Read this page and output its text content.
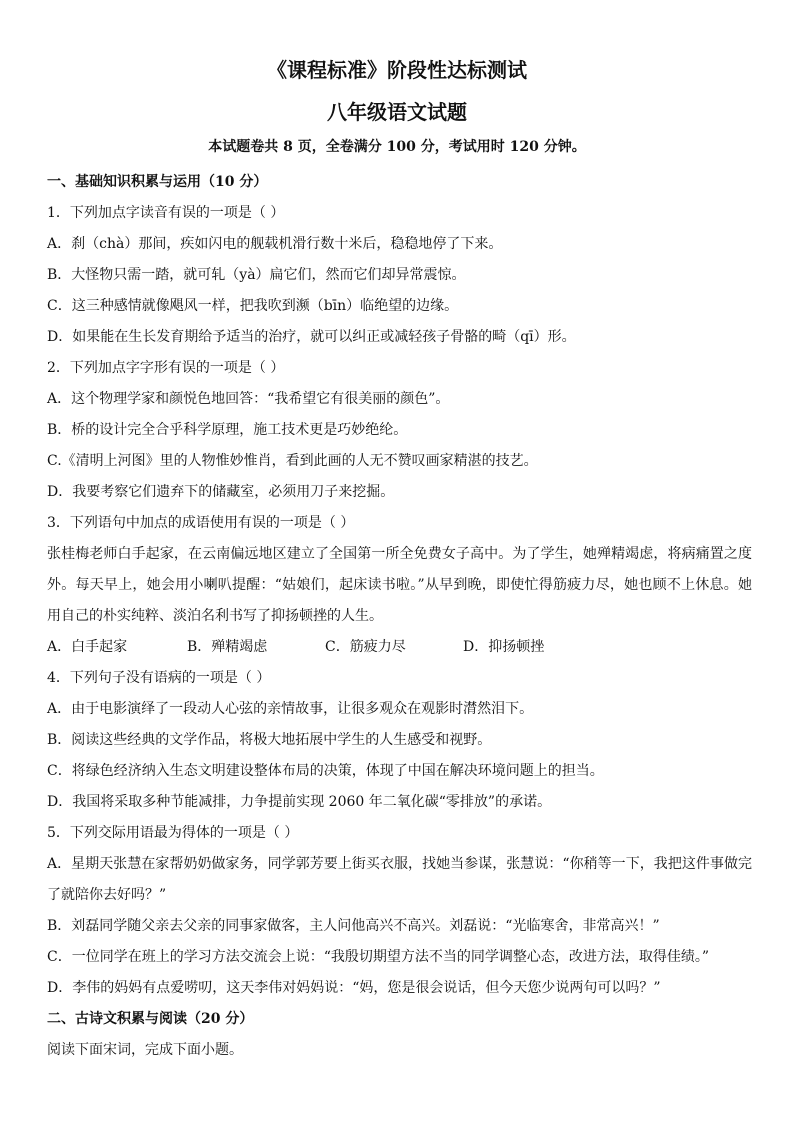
《课程标准》阶段性达标测试
八年级语文试题
本试题卷共 8 页，全卷满分 100 分，考试用时 120 分钟。
一、基础知识积累与运用（10 分）
1．下列加点字读音有误的一项是（ ）
A．刹（chà）那间，疾如闪电的舰载机滑行数十米后，稳稳地停了下来。
B．大怪物只需一踏，就可轧（yà）扁它们，然而它们却异常震惊。
C．这三种感情就像飓风一样，把我吹到濒（bīn）临绝望的边缘。
D．如果能在生长发育期给予适当的治疗，就可以纠正或减轻孩子骨骼的畸（qī）形。
2．下列加点字字形有误的一项是（ ）
A．这个物理学家和颜悦色地回答：“我希望它有很美丽的颜色”。
B．桥的设计完全合乎科学原理，施工技术更是巧妙绝纶。
C.《清明上河图》里的人物惟妙惟肖，看到此画的人无不赞叹画家精湛的技艺。
D．我要考察它们遗弃下的储藏室，必须用刀子来挖掘。
3．下列语句中加点的成语使用有误的一项是（ ）
张桂梅老师白手起家，在云南偏远地区建立了全国第一所全免费女子高中。为了学生，她殚精竭虑，将病痛置之度外。每天早上，她会用小喇叭提醒：“姑娘们，起床读书啦。”从早到晚，即使忙得筋疲力尽，她也顾不上休息。她用自己的朴实纯粹、淡泊名利书写了抑扬顿挫的人生。
A．白手起家	B．殚精竭虑	C．筋疲力尽	D．抑扬顿挫
4．下列句子没有语病的一项是（ ）
A．由于电影演绎了一段动人心弦的亲情故事，让很多观众在观影时潸然泪下。
B．阅读这些经典的文学作品，将极大地拓展中学生的人生感受和视野。
C．将绿色经济纳入生态文明建设整体布局的决策，体现了中国在解决环境问题上的担当。
D．我国将采取多种节能减排，力争提前实现 2060 年二氧化碳“零排放”的承诺。
5．下列交际用语最为得体的一项是（ ）
A．星期天张慧在家帮奶奶做家务，同学郭芳要上街买衣服，找她当参谋，张慧说：“你稍等一下，我把这件事做完了就陪你去好吗？”
B．刘磊同学随父亲去父亲的同事家做客，主人问他高兴不高兴。刘磊说：“光临寒舍，非常高兴！”
C．一位同学在班上的学习方法交流会上说：“我殷切期望方法不当的同学调整心态，改进方法，取得佳绩。”
D．李伟的妈妈有点爱唠叨，这天李伟对妈妈说：“妈，您是很会说话，但今天您少说两句可以吗？”
二、古诗文积累与阅读（20 分）
阅读下面宋词，完成下面小题。
